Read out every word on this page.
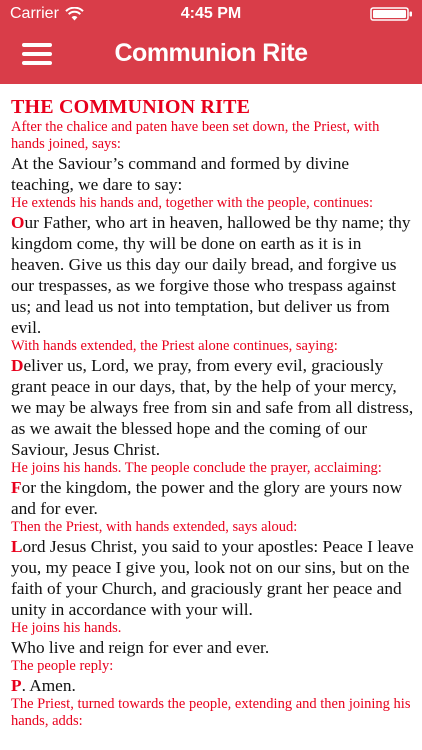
Carrier	4:45 PM
Communion Rite
THE COMMUNION RITE

After the chalice and paten have been set down, the Priest, with hands joined, says:

At the Saviour’s command and formed by divine teaching, we dare to say:

He extends his hands and, together with the people, continues:

Our Father, who art in heaven, hallowed be thy name; thy kingdom come, thy will be done on earth as it is in heaven. Give us this day our daily bread, and forgive us our trespasses, as we forgive those who trespass against us; and lead us not into temptation, but deliver us from evil.

With hands extended, the Priest alone continues, saying:

Deliver us, Lord, we pray, from every evil, graciously grant peace in our days, that, by the help of your mercy, we may be always free from sin and safe from all distress, as we await the blessed hope and the coming of our Saviour, Jesus Christ.

He joins his hands. The people conclude the prayer, acclaiming:

For the kingdom, the power and the glory are yours now and for ever.

Then the Priest, with hands extended, says aloud:

Lord Jesus Christ, you said to your apostles: Peace I leave you, my peace I give you, look not on our sins, but on the faith of your Church, and graciously grant her peace and unity in accordance with your will.

He joins his hands.

Who live and reign for ever and ever.

The people reply:

P. Amen.

The Priest, turned towards the people, extending and then joining his hands, adds:
